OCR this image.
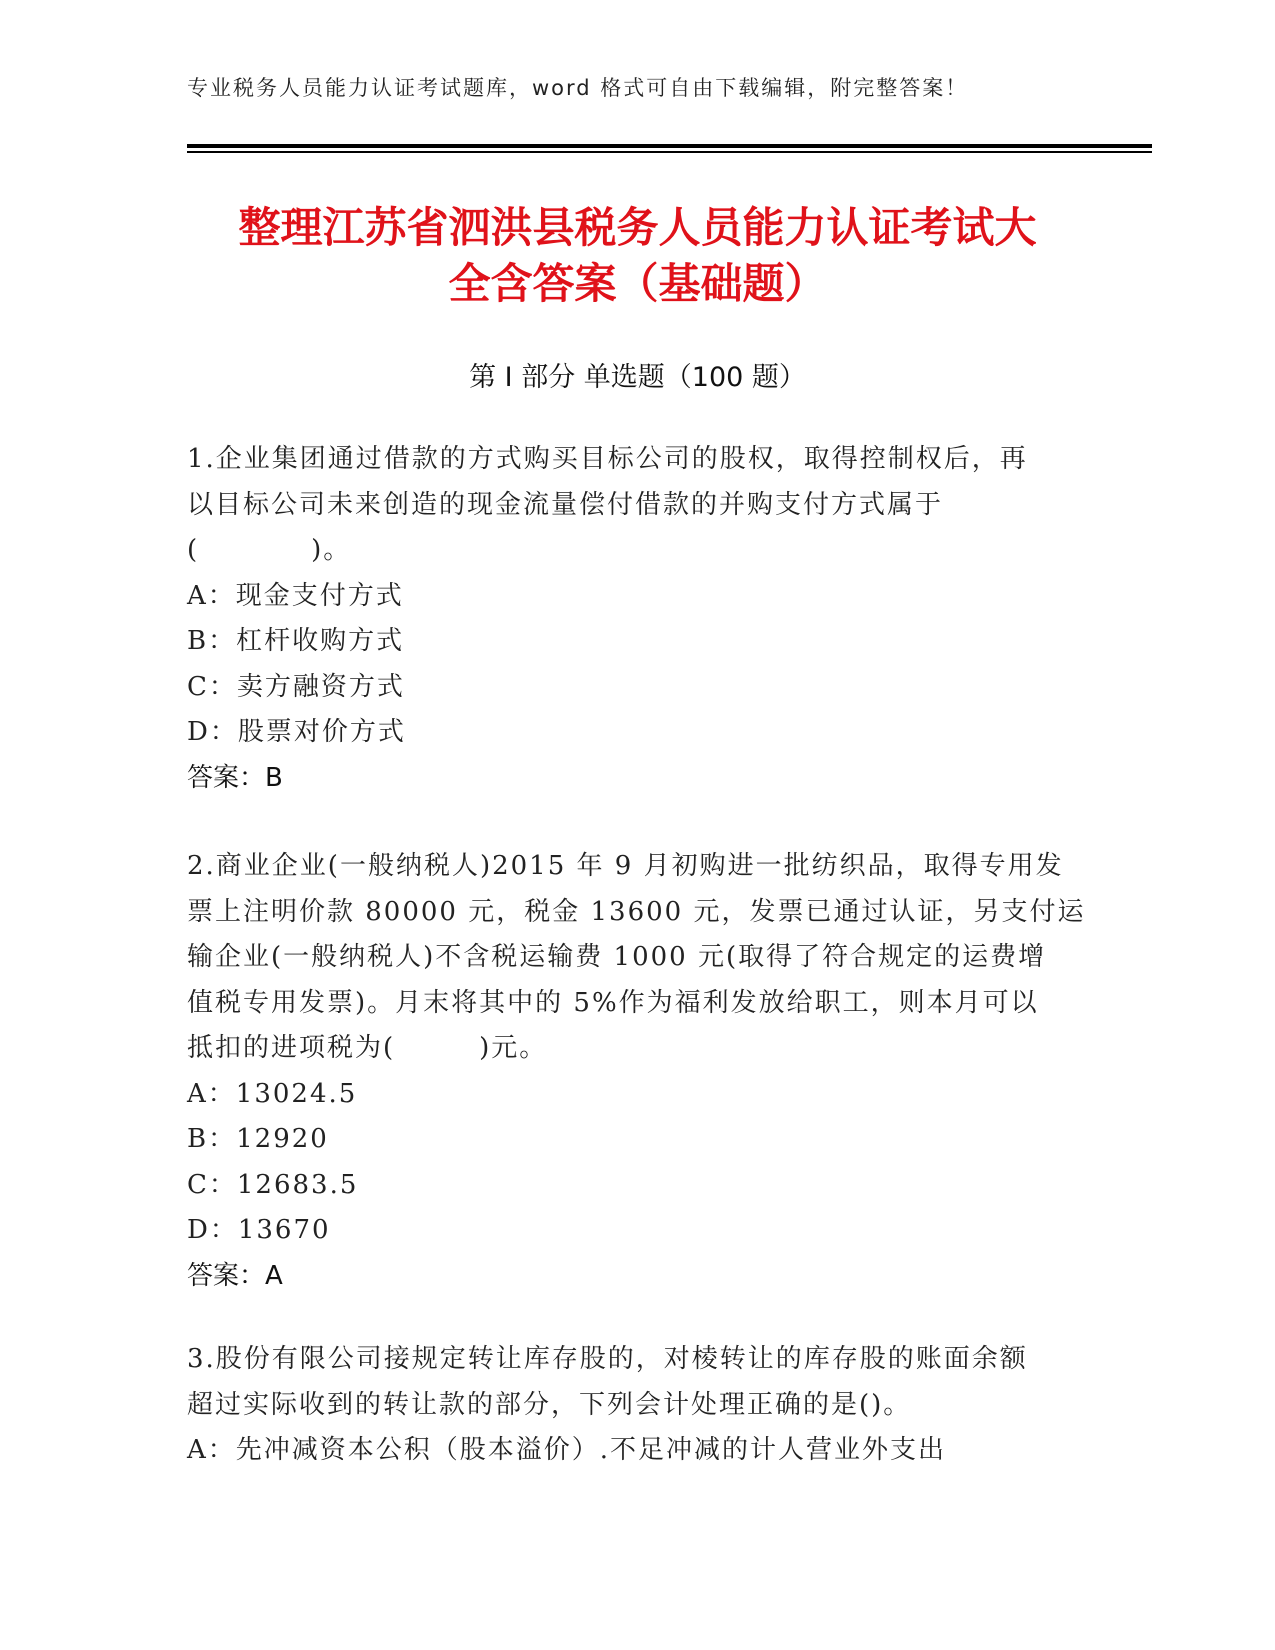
专业税务人员能力认证考试题库，word 格式可自由下载编辑，附完整答案！
整理江苏省泗洪县税务人员能力认证考试大
全含答案（基础题）
第 I 部分 单选题（100 题）
1.企业集团通过借款的方式购买目标公司的股权，取得控制权后，再
以目标公司未来创造的现金流量偿付借款的并购支付方式属于
(　　　　)。
A：现金支付方式
B：杠杆收购方式
C：卖方融资方式
D：股票对价方式
答案：B
2.商业企业(一般纳税人)2015 年 9 月初购进一批纺织品，取得专用发
票上注明价款 80000 元，税金 13600 元，发票已通过认证，另支付运
输企业(一般纳税人)不含税运输费 1000 元(取得了符合规定的运费增
值税专用发票)。月末将其中的 5%作为福利发放给职工，则本月可以
抵扣的进项税为(　　　)元。
A：13024.5
B：12920
C：12683.5
D：13670
答案：A
3.股份有限公司接规定转让库存股的，对棱转让的库存股的账面余额
超过实际收到的转让款的部分，下列会计处理正确的是()。
A：先冲减资本公积（股本溢价）.不足冲减的计人营业外支出
